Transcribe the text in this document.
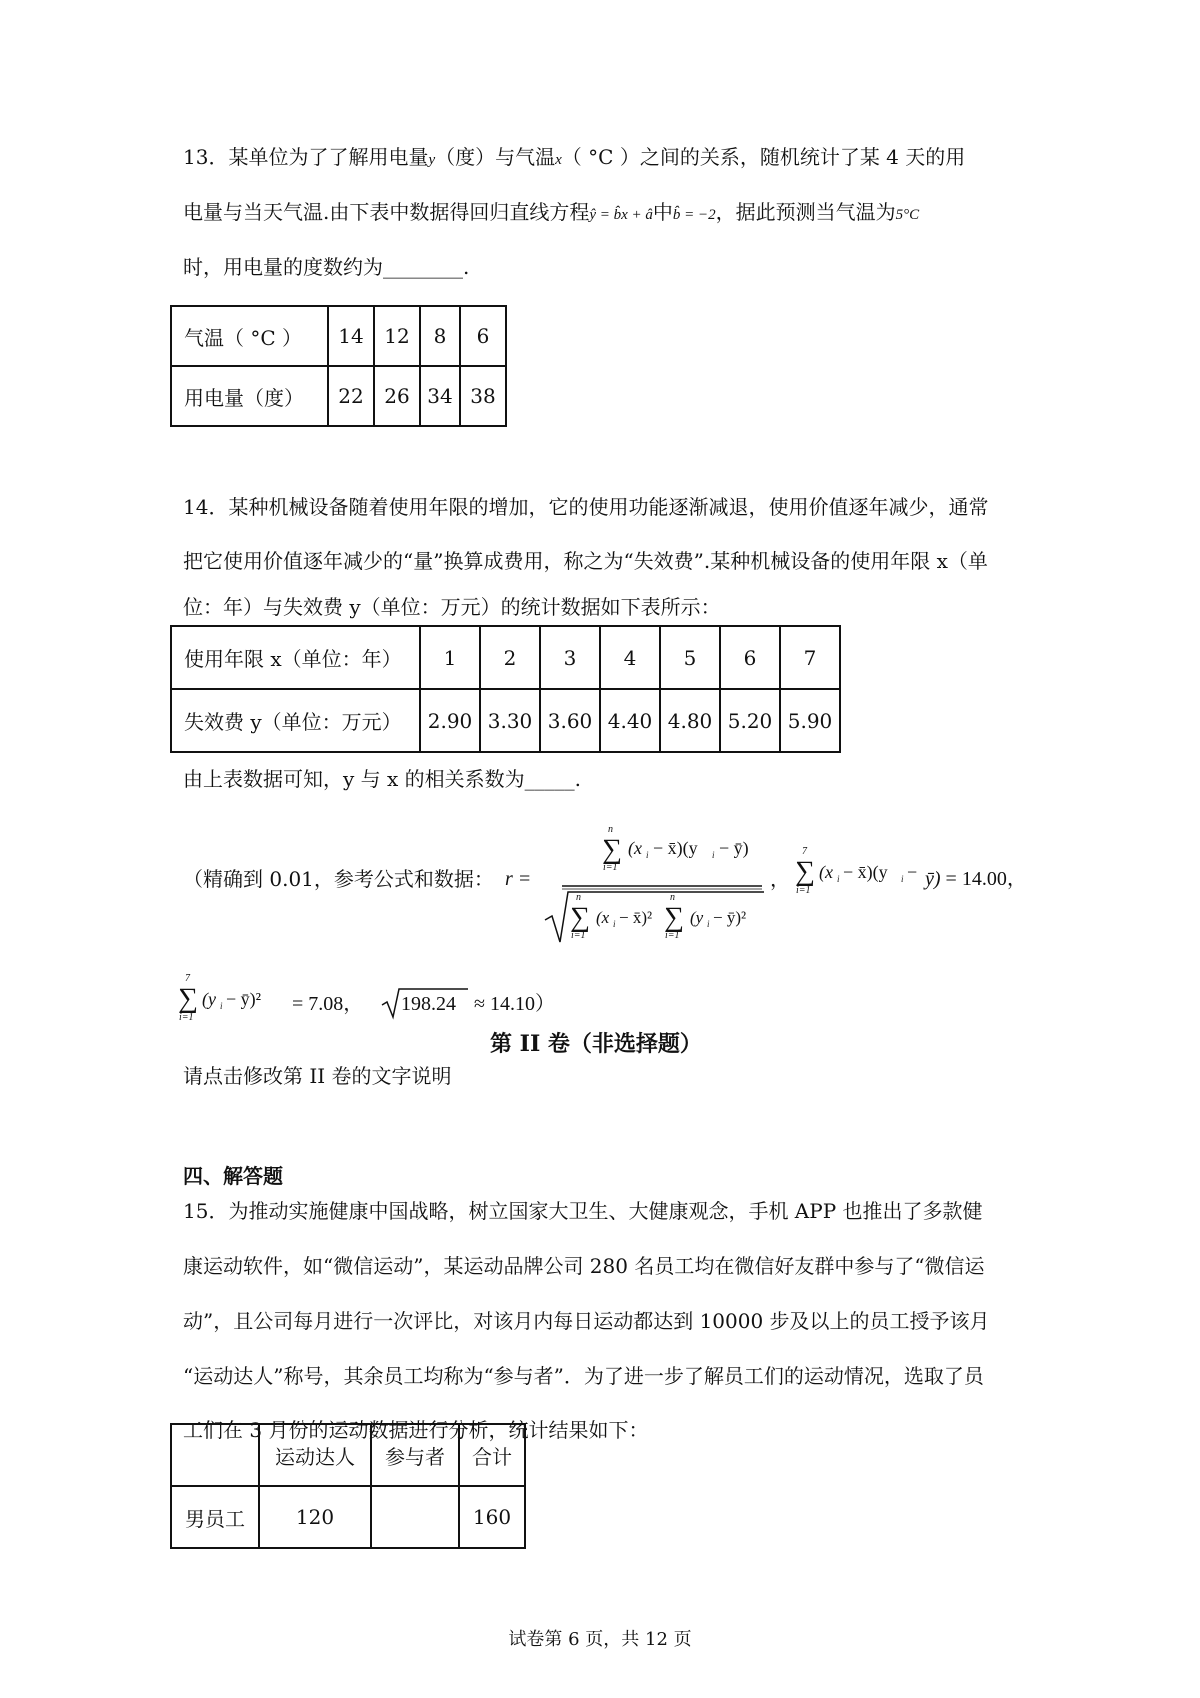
13．某单位为了了解用电量y（度）与气温x（ °C ）之间的关系，随机统计了某 4 天的用
电量与当天气温.由下表中数据得回归直线方程ŷ = b̂x + â中b̂ = −2，据此预测当气温为5°C
时，用电量的度数约为________.
气温（ °C ）	14	12	8	6
用电量（度）	22	26	34	38
14．某种机械设备随着使用年限的增加，它的使用功能逐渐减退，使用价值逐年减少，通常
把它使用价值逐年减少的“量”换算成费用，称之为“失效费”.某种机械设备的使用年限 x（单
位：年）与失效费 y（单位：万元）的统计数据如下表所示：
使用年限 x（单位：年）	1	2	3	4	5	6	7
失效费 y（单位：万元）	2.90	3.30	3.60	4.40	4.80	5.20	5.90
由上表数据可知，y 与 x 的相关系数为_____.
（精确到 0.01，参考公式和数据： r =
∑
n
i=1
(x i − x̄)(y i − ȳ)
∑
n
i=1
(x i − x̄)² ∑
n
i=1
(y i − ȳ)²
， ∑
7
i=1
(x i − x̄)(y i − ȳ) = 14.00，
∑
7
i=1
(y i − ȳ)² = 7.08， 198.24 ≈ 14.10）
第 II 卷（非选择题）
请点击修改第 II 卷的文字说明
四、解答题
15．为推动实施健康中国战略，树立国家大卫生、大健康观念，手机 APP 也推出了多款健
康运动软件，如“微信运动”，某运动品牌公司 280 名员工均在微信好友群中参与了“微信运
动”，且公司每月进行一次评比，对该月内每日运动都达到 10000 步及以上的员工授予该月
“运动达人”称号，其余员工均称为“参与者”．为了进一步了解员工们的运动情况，选取了员
工们在 3 月份的运动数据进行分析，统计结果如下：
	运动达人	参与者	合计
男员工	120		160
试卷第 6 页，共 12 页
